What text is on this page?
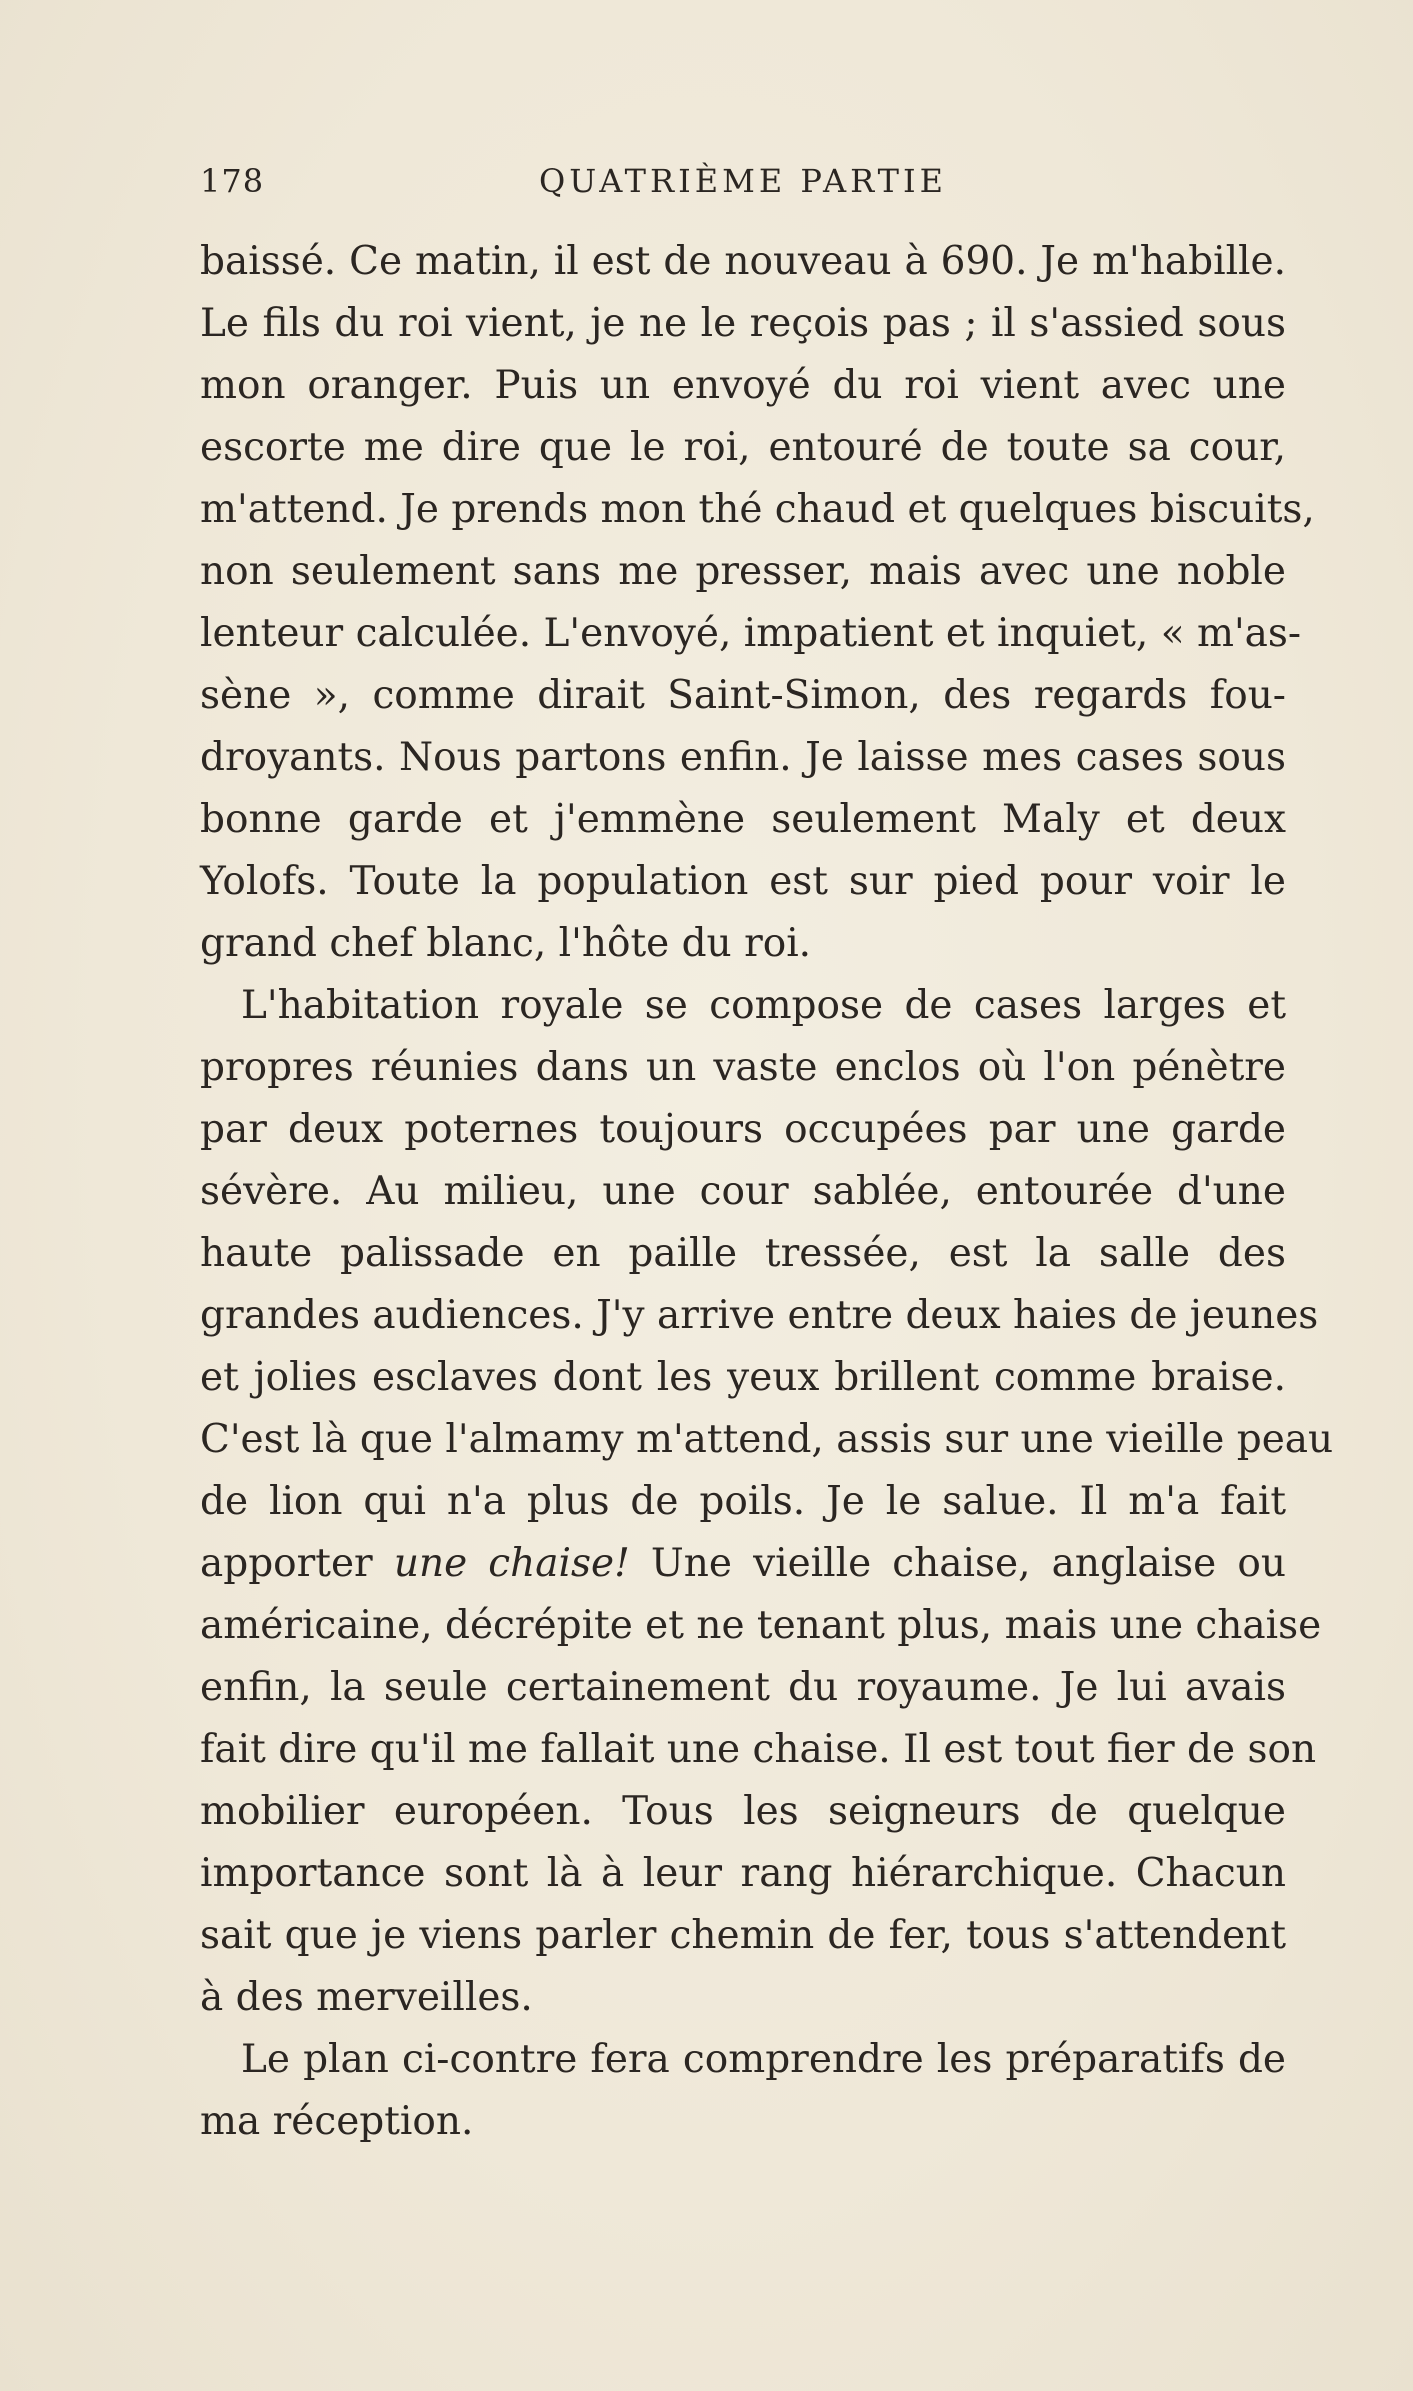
178	QUATRIÈME PARTIE
baissé. Ce matin, il est de nouveau à 690. Je m'habille.
Le fils du roi vient, je ne le reçois pas ; il s'assied sous
mon oranger. Puis un envoyé du roi vient avec une
escorte me dire que le roi, entouré de toute sa cour,
m'attend. Je prends mon thé chaud et quelques biscuits,
non seulement sans me presser, mais avec une noble
lenteur calculée. L'envoyé, impatient et inquiet, « m'as-
sène », comme dirait Saint-Simon, des regards fou-
droyants. Nous partons enfin. Je laisse mes cases sous
bonne garde et j'emmène seulement Maly et deux
Yolofs. Toute la population est sur pied pour voir le
grand chef blanc, l'hôte du roi.
L'habitation royale se compose de cases larges et
propres réunies dans un vaste enclos où l'on pénètre
par deux poternes toujours occupées par une garde
sévère. Au milieu, une cour sablée, entourée d'une
haute palissade en paille tressée, est la salle des
grandes audiences. J'y arrive entre deux haies de jeunes
et jolies esclaves dont les yeux brillent comme braise.
C'est là que l'almamy m'attend, assis sur une vieille peau
de lion qui n'a plus de poils. Je le salue. Il m'a fait
apporter une chaise! Une vieille chaise, anglaise ou
américaine, décrépite et ne tenant plus, mais une chaise
enfin, la seule certainement du royaume. Je lui avais
fait dire qu'il me fallait une chaise. Il est tout fier de son
mobilier européen. Tous les seigneurs de quelque
importance sont là à leur rang hiérarchique. Chacun
sait que je viens parler chemin de fer, tous s'attendent
à des merveilles.
Le plan ci-contre fera comprendre les préparatifs de
ma réception.
